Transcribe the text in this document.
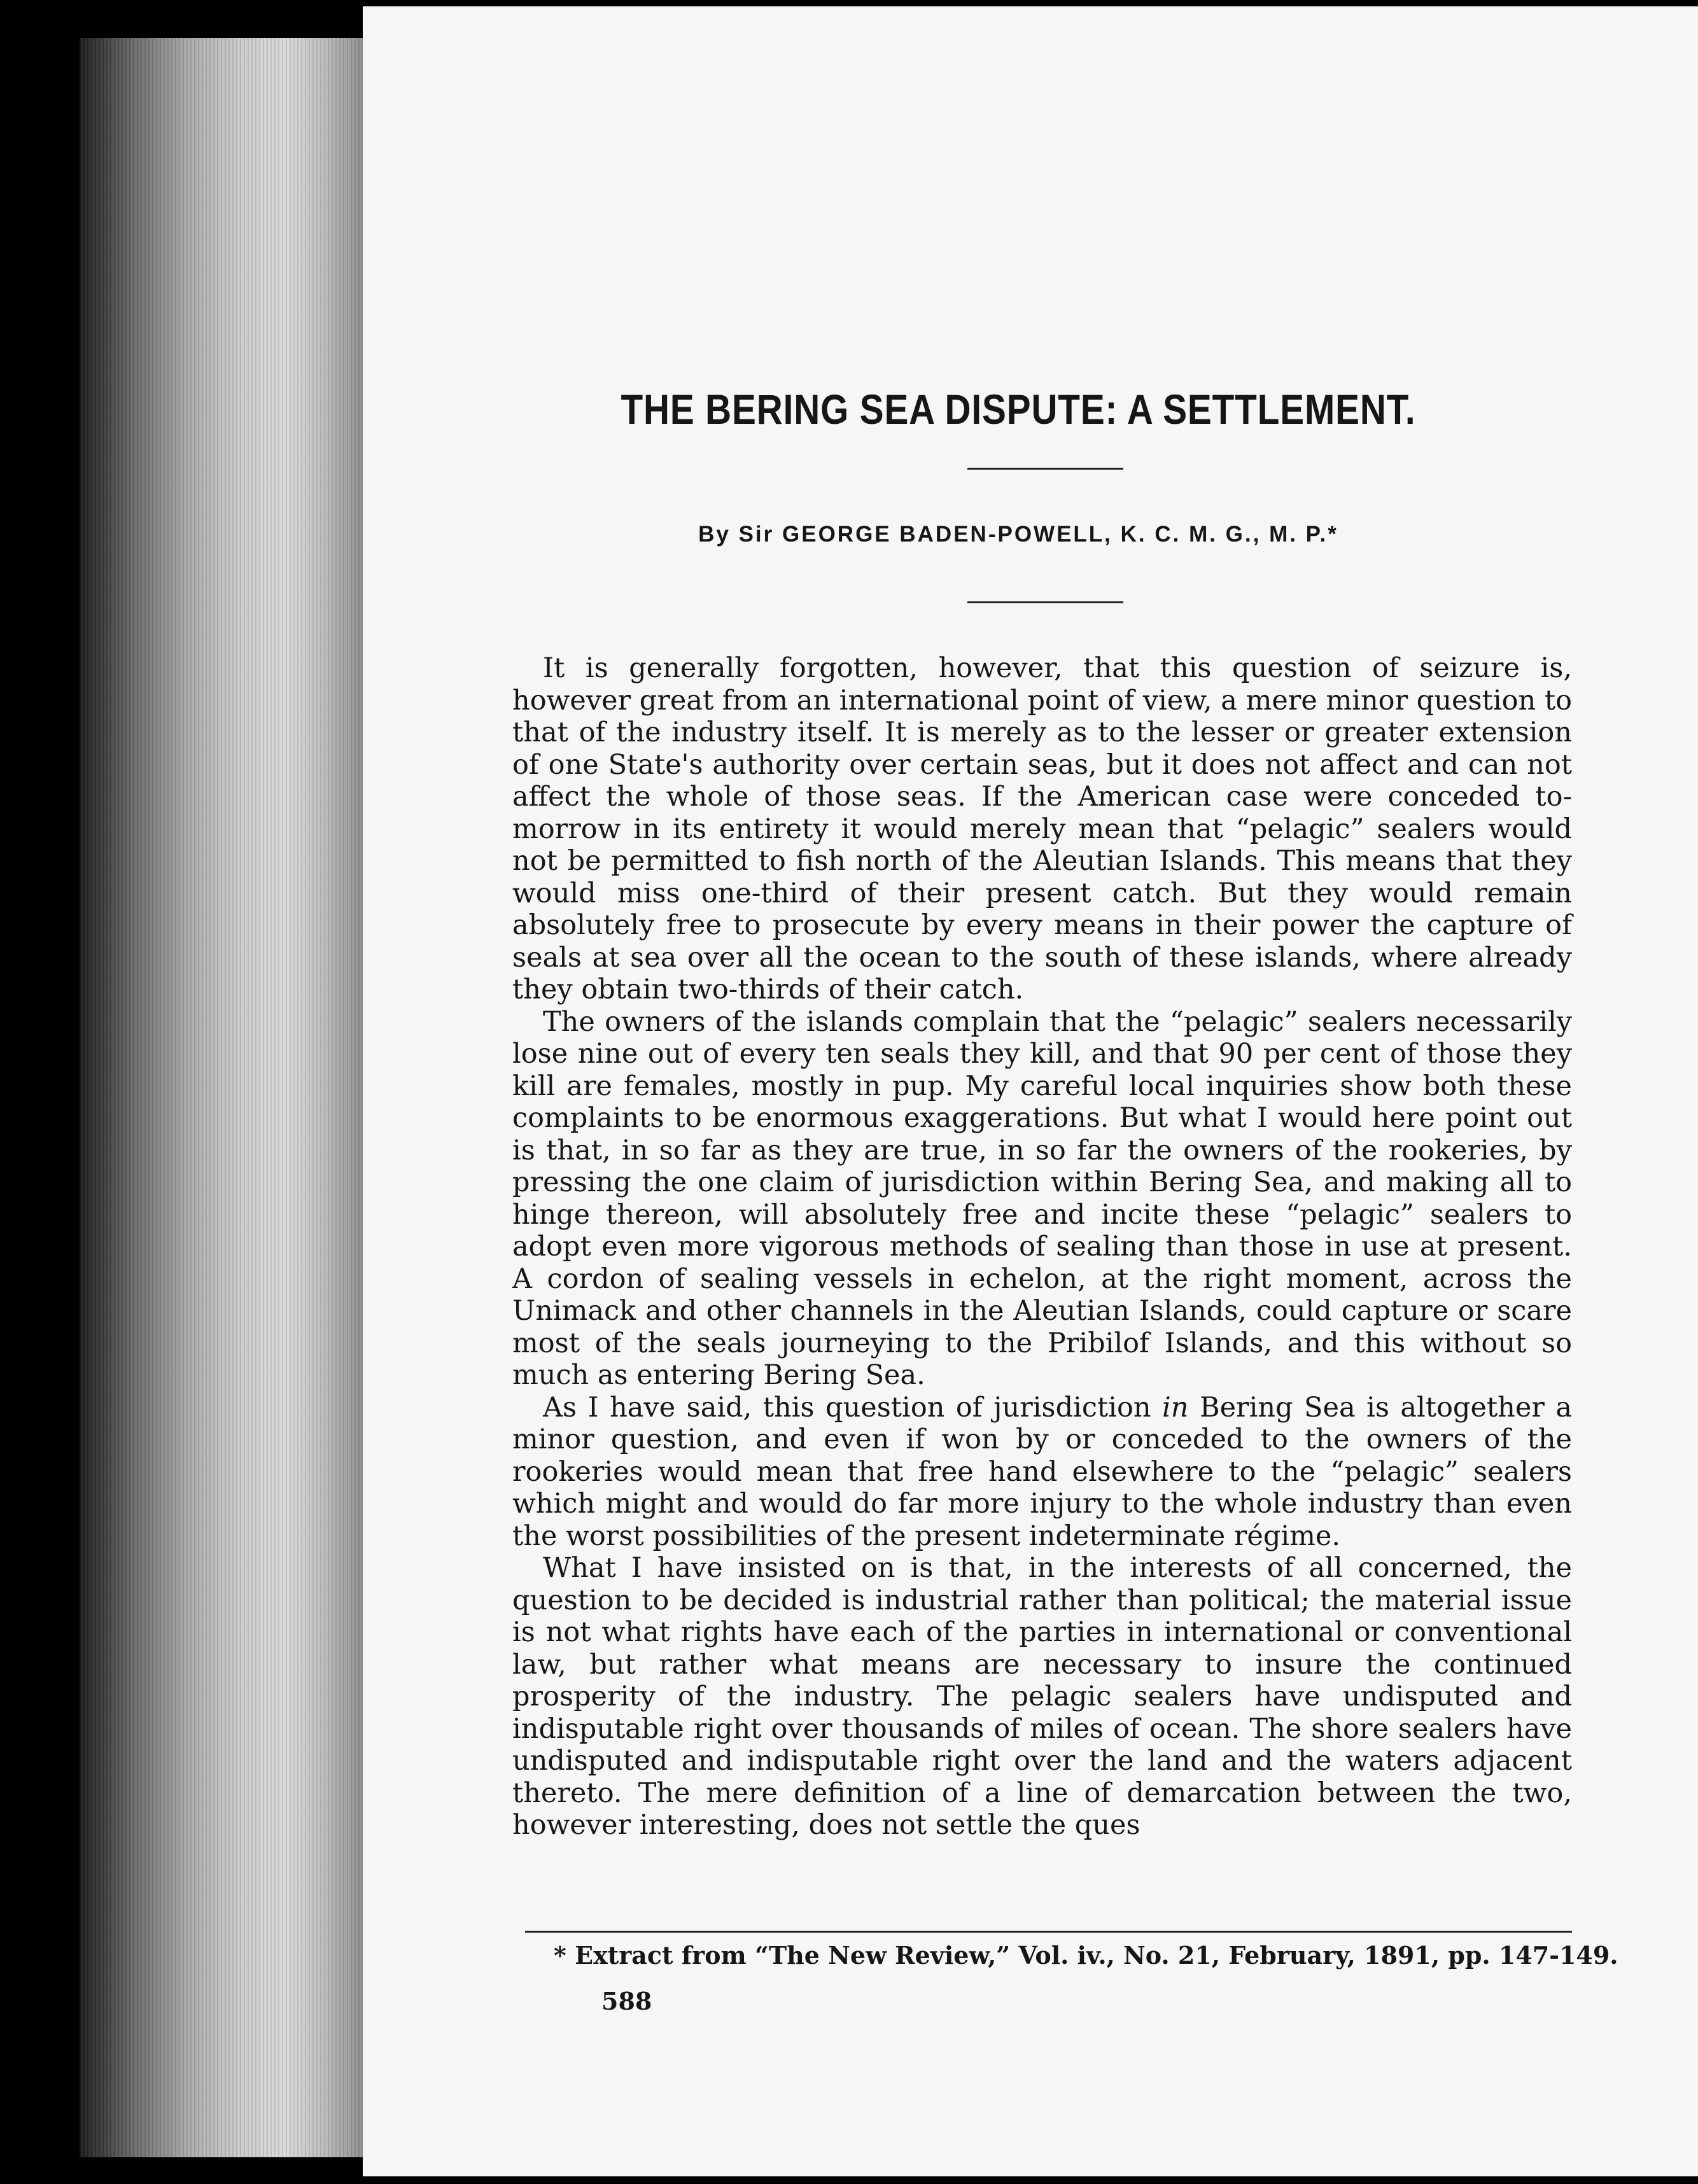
THE BERING SEA DISPUTE: A SETTLEMENT.
By Sir GEORGE BADEN-POWELL, K. C. M. G., M. P.*

It is generally forgotten, however, that this question of seizure is, however great from an international point of view, a mere minor question to that of the industry itself. It is merely as to the lesser or greater extension of one State's authority over certain seas, but it does not affect and can not affect the whole of those seas. If the American case were conceded to-morrow in its entirety it would merely mean that “pelagic” sealers would not be permitted to fish north of the Aleutian Islands. This means that they would miss one-third of their present catch. But they would remain absolutely free to prosecute by every means in their power the capture of seals at sea over all the ocean to the south of these islands, where already they obtain two-thirds of their catch.

The owners of the islands complain that the “pelagic” sealers necessarily lose nine out of every ten seals they kill, and that 90 per cent of those they kill are females, mostly in pup. My careful local inquiries show both these complaints to be enormous exaggerations. But what I would here point out is that, in so far as they are true, in so far the owners of the rookeries, by pressing the one claim of jurisdiction within Bering Sea, and making all to hinge thereon, will absolutely free and incite these “pelagic” sealers to adopt even more vigorous methods of sealing than those in use at present. A cordon of sealing vessels in echelon, at the right moment, across the Unimack and other channels in the Aleutian Islands, could capture or scare most of the seals journeying to the Pribilof Islands, and this without so much as entering Bering Sea.

As I have said, this question of jurisdiction in Bering Sea is altogether a minor question, and even if won by or conceded to the owners of the rookeries would mean that free hand elsewhere to the “pelagic” sealers which might and would do far more injury to the whole industry than even the worst possibilities of the present indeterminate régime.

What I have insisted on is that, in the interests of all concerned, the question to be decided is industrial rather than political; the material issue is not what rights have each of the parties in international or conventional law, but rather what means are necessary to insure the continued prosperity of the industry. The pelagic sealers have undisputed and indisputable right over thousands of miles of ocean. The shore sealers have undisputed and indisputable right over the land and the waters adjacent thereto. The mere definition of a line of demarcation between the two, however interesting, does not settle the ques

* Extract from “The New Review,” Vol. iv., No. 21, February, 1891, pp. 147-149.
588
